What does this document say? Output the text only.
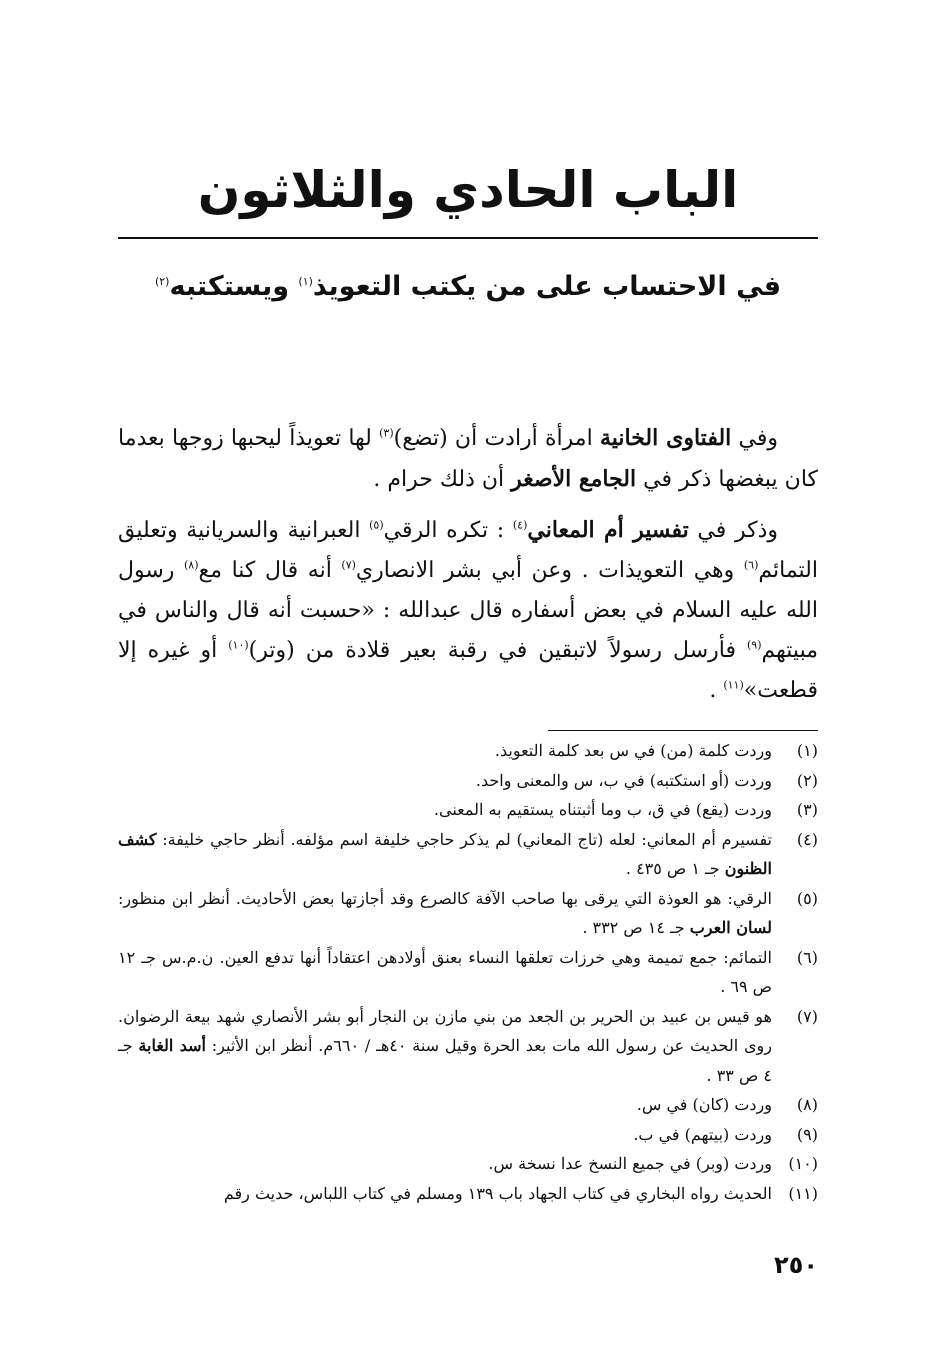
الباب الحادي والثلاثون
في الاحتساب على من يكتب التعويذ$^{(١)}$ ويستكتبه$^{(٢)}$

وفي الفتاوى الخانية امرأة أرادت أن (تضع)$^{(٣)}$ لها تعويذاً ليحبها زوجها بعدما كان يبغضها ذكر في الجامع الأصغر أن ذلك حرام .

وذكر في تفسير أم المعاني$^{(٤)}$ : تكره الرقي$^{(٥)}$ العبرانية والسريانية وتعليق التمائم$^{(٦)}$ وهي التعويذات . وعن أبي بشر الانصاري$^{(٧)}$ أنه قال كنا مع$^{(٨)}$ رسول الله عليه السلام في بعض أسفاره قال عبدالله : «حسبت أنه قال والناس في مبيتهم$^{(٩)}$ فأرسل رسولاً لاتبقين في رقبة بعير قلادة من (وتر)$^{(١٠)}$ أو غيره إلا قطعت»$^{(١١)}$ .

(١)
وردت كلمة (من) في س بعد كلمة التعويذ.
(٢)
وردت (أو استكتبه) في ب، س والمعنى واحد.
(٣)
وردت (يقع) في ق، ب وما أثبتناه يستقيم به المعنى.
(٤)
تفسيرم أم المعاني: لعله (تاج المعاني) لم يذكر حاجي خليفة اسم مؤلفه. أنظر حاجي خليفة: كشف الظنون جـ ١ ص ٤٣٥ .
(٥)
الرقي: هو العوذة التي يرقى بها صاحب الآفة كالصرع وقد أجازتها بعض الأحاديث. أنظر ابن منظور: لسان العرب جـ ١٤ ص ٣٣٢ .
(٦)
التمائم: جمع تميمة وهي خرزات تعلقها النساء بعنق أولادهن اعتقاداً أنها تدفع العين. ن.م.س جـ ١٢ ص ٦٩ .
(٧)
هو قيس بن عبيد بن الحرير بن الجعد من بني مازن بن النجار أبو بشر الأنصاري شهد بيعة الرضوان. روى الحديث عن رسول الله مات بعد الحرة وقيل سنة ٤٠هـ / ٦٦٠م. أنظر ابن الأثير: أسد الغابة جـ ٤ ص ٣٣ .
(٨)
وردت (كان) في س.
(٩)
وردت (بيتهم) في ب.
(١٠)
وردت (وبر) في جميع النسخ عدا نسخة س.
(١١)
الحديث رواه البخاري في كتاب الجهاد باب ١٣٩ ومسلم في كتاب اللباس، حديث رقم
٢٥٠
